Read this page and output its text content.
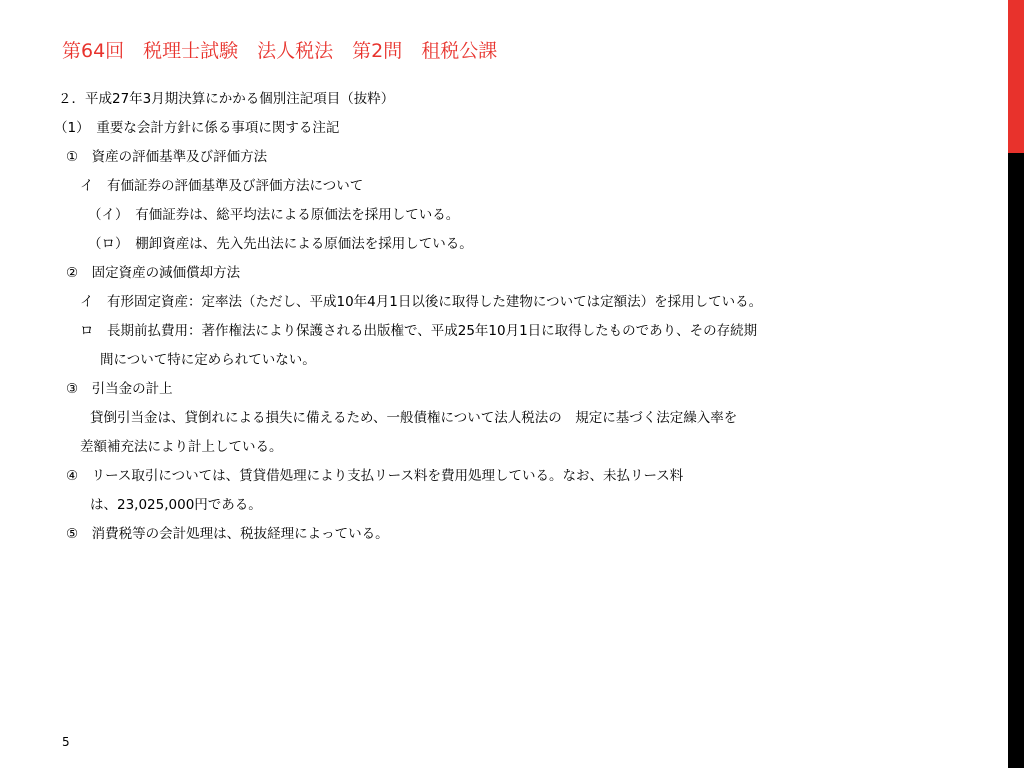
第64回　税理士試験　法人税法　第2問　租税公課
２．平成27年3月期決算にかかる個別注記項目（抜粋）
（1）　重要な会計方針に係る事項に関する注記
①　資産の評価基準及び評価方法
イ　有価証券の評価基準及び評価方法について
（イ）　有価証券は、総平均法による原価法を採用している。
（ロ）　棚卸資産は、先入先出法による原価法を採用している。
②　固定資産の減価償却方法
イ　有形固定資産：定率法（ただし、平成10年4月1日以後に取得した建物については定額法）を採用している。
ロ　長期前払費用：著作権法により保護される出版権で、平成25年10月1日に取得したものであり、その存続期
間について特に定められていない。
③　引当金の計上
貸倒引当金は、貸倒れによる損失に備えるため、一般債権について法人税法の　規定に基づく法定繰入率を
差額補充法により計上している。
④　リース取引については、賃貸借処理により支払リース料を費用処理している。なお、未払リース料
は、23,025,000円である。
⑤　消費税等の会計処理は、税抜経理によっている。
5
